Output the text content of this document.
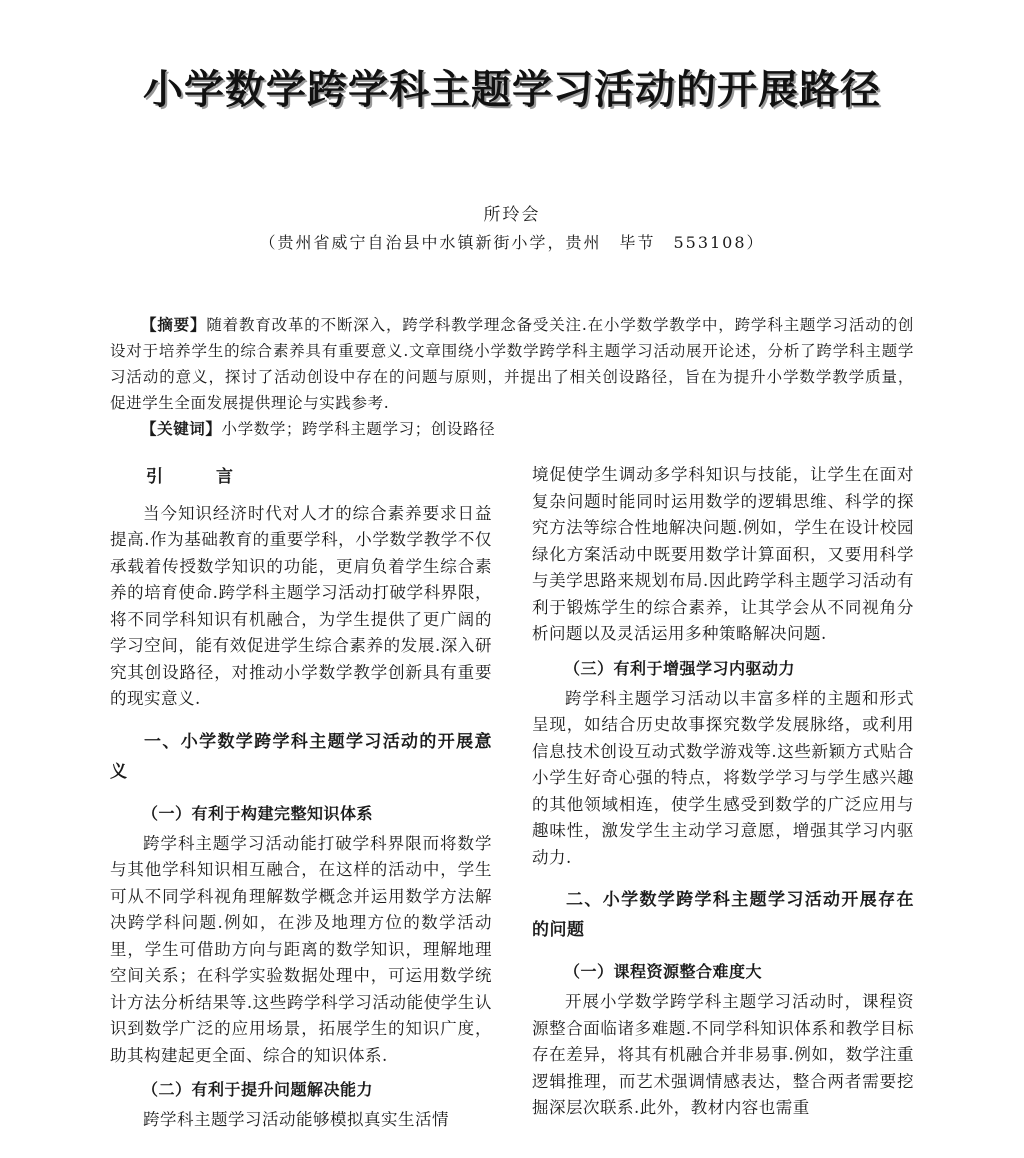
小学数学跨学科主题学习活动的开展路径
所玲会
（贵州省威宁自治县中水镇新街小学，贵州　毕节　553108）

【摘要】随着教育改革的不断深入，跨学科教学理念备受关注.在小学数学教学中，跨学科主题学习活动的创设对于培养学生的综合素养具有重要意义.文章围绕小学数学跨学科主题学习活动展开论述，分析了跨学科主题学习活动的意义，探讨了活动创设中存在的问题与原则，并提出了相关创设路径，旨在为提升小学数学教学质量，促进学生全面发展提供理论与实践参考.

【关键词】小学数学；跨学科主题学习；创设路径

引　言

当今知识经济时代对人才的综合素养要求日益提高.作为基础教育的重要学科，小学数学教学不仅承载着传授数学知识的功能，更肩负着学生综合素养的培育使命.跨学科主题学习活动打破学科界限，将不同学科知识有机融合，为学生提供了更广阔的学习空间，能有效促进学生综合素养的发展.深入研究其创设路径，对推动小学数学教学创新具有重要的现实意义.

一、小学数学跨学科主题学习活动的开展意义
（一）有利于构建完整知识体系

跨学科主题学习活动能打破学科界限而将数学与其他学科知识相互融合，在这样的活动中，学生可从不同学科视角理解数学概念并运用数学方法解决跨学科问题.例如，在涉及地理方位的数学活动里，学生可借助方向与距离的数学知识，理解地理空间关系；在科学实验数据处理中，可运用数学统计方法分析结果等.这些跨学科学习活动能使学生认识到数学广泛的应用场景，拓展学生的知识广度，助其构建起更全面、综合的知识体系.

（二）有利于提升问题解决能力

跨学科主题学习活动能够模拟真实生活情

境促使学生调动多学科知识与技能，让学生在面对复杂问题时能同时运用数学的逻辑思维、科学的探究方法等综合性地解决问题.例如，学生在设计校园绿化方案活动中既要用数学计算面积，又要用科学与美学思路来规划布局.因此跨学科主题学习活动有利于锻炼学生的综合素养，让其学会从不同视角分析问题以及灵活运用多种策略解决问题.

（三）有利于增强学习内驱动力

跨学科主题学习活动以丰富多样的主题和形式呈现，如结合历史故事探究数学发展脉络，或利用信息技术创设互动式数学游戏等.这些新颖方式贴合小学生好奇心强的特点，将数学学习与学生感兴趣的其他领域相连，使学生感受到数学的广泛应用与趣味性，激发学生主动学习意愿，增强其学习内驱动力.

二、小学数学跨学科主题学习活动开展存在的问题
（一）课程资源整合难度大

开展小学数学跨学科主题学习活动时，课程资源整合面临诸多难题.不同学科知识体系和教学目标存在差异，将其有机融合并非易事.例如，数学注重逻辑推理，而艺术强调情感表达，整合两者需要挖掘深层次联系.此外，教材内容也需重
